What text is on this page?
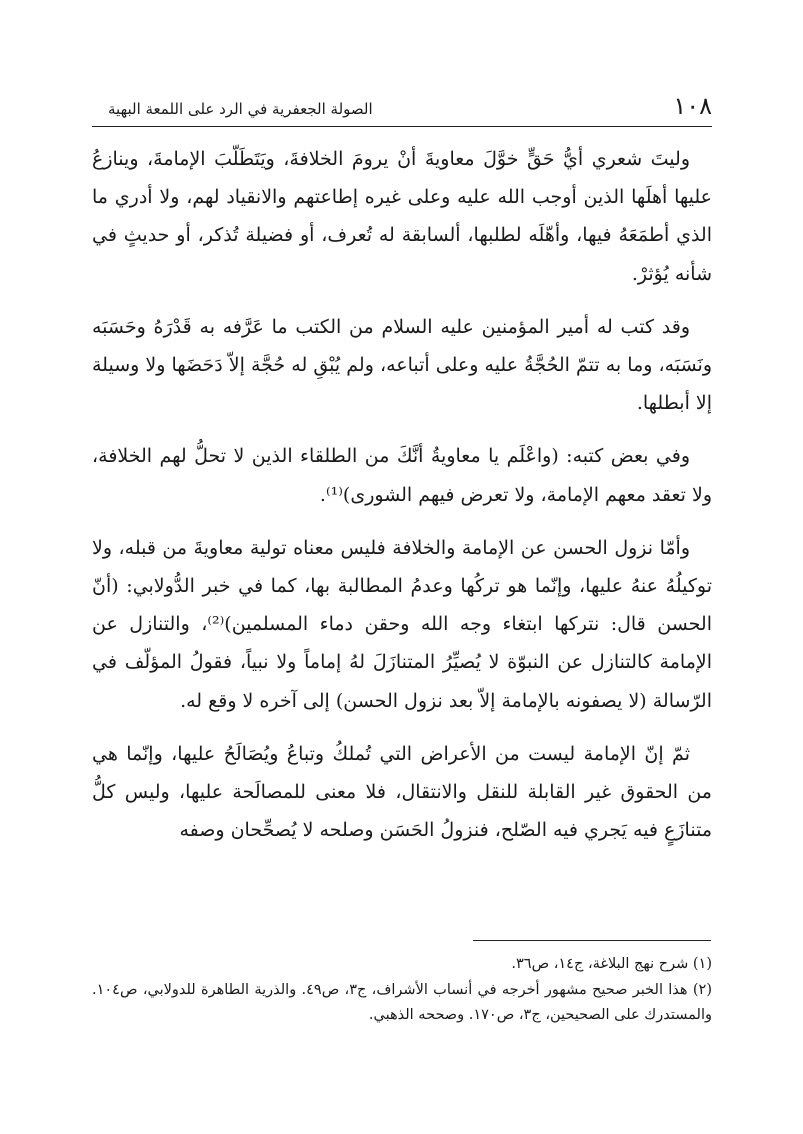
١٠٨
الصولة الجعفرية في الرد على اللمعة البهية

وليتَ شعري أيُّ حَقٍّ خوَّلَ معاويةَ أنْ يرومَ الخلافةَ، ويَتَطَلّبَ الإمامةَ، وينازعُ عليها أهلَها الذين أوجب الله عليه وعلى غيره إطاعتهم والانقياد لهم، ولا أدري ما الذي أطمَعَهُ فيها، وأهّلَه لطلبها، ألسابقة له تُعرف، أو فضيلة تُذكر، أو حديثٍ في شأنه يُؤثرْ.

وقد كتب له أمير المؤمنين عليه السلام من الكتب ما عَرَّفه به قَدْرَهُ وحَسَبَه ونَسَبَه، وما به تتمّ الحُجَّةُ عليه وعلى أتباعه، ولم يُبْقِ له حُجَّة إلاّ دَحَضَها ولا وسيلة إلا أبطلها.

وفي بعض كتبه: (واعْلَم يا معاويةُ أنَّكَ من الطلقاء الذين لا تحلُّ لهم الخلافة، ولا تعقد معهم الإمامة، ولا تعرض فيهم الشورى)⁽¹⁾.

وأمّا نزول الحسن عن الإمامة والخلافة فليس معناه تولية معاويةَ من قبله، ولا توكيلُهُ عنهُ عليها، وإنّما هو تركُها وعدمُ المطالبة بها، كما في خبر الدُّولابي: (أنّ الحسن قال: نتركها ابتغاء وجه الله وحقن دماء المسلمين)⁽²⁾، والتنازل عن الإمامة كالتنازل عن النبوّة لا يُصيِّرُ المتنازَلَ لهُ إماماً ولا نبياً، فقولُ المؤلّف في الرّسالة (لا يصفونه بالإمامة إلاّ بعد نزول الحسن) إلى آخره لا وقع له.

ثمّ إنّ الإمامة ليست من الأعراض التي تُملكُ وتباعُ ويُصَالَحُ عليها، وإنّما هي من الحقوق غير القابلة للنقل والانتقال، فلا معنى للمصالَحة عليها، وليس كلُّ متنازَعٍ فيه يَجري فيه الصّلح، فنزولُ الحَسَن وصلحه لا يُصحِّحان وصفه

(١) شرح نهج البلاغة، ج١٤، ص٣٦.

(٢) هذا الخبر صحيح مشهور أخرجه في أنساب الأشراف، ج٣، ص٤٩. والذرية الطاهرة للدولابي، ص١٠٤. والمستدرك على الصحيحين، ج٣، ص١٧٠. وصححه الذهبي.
